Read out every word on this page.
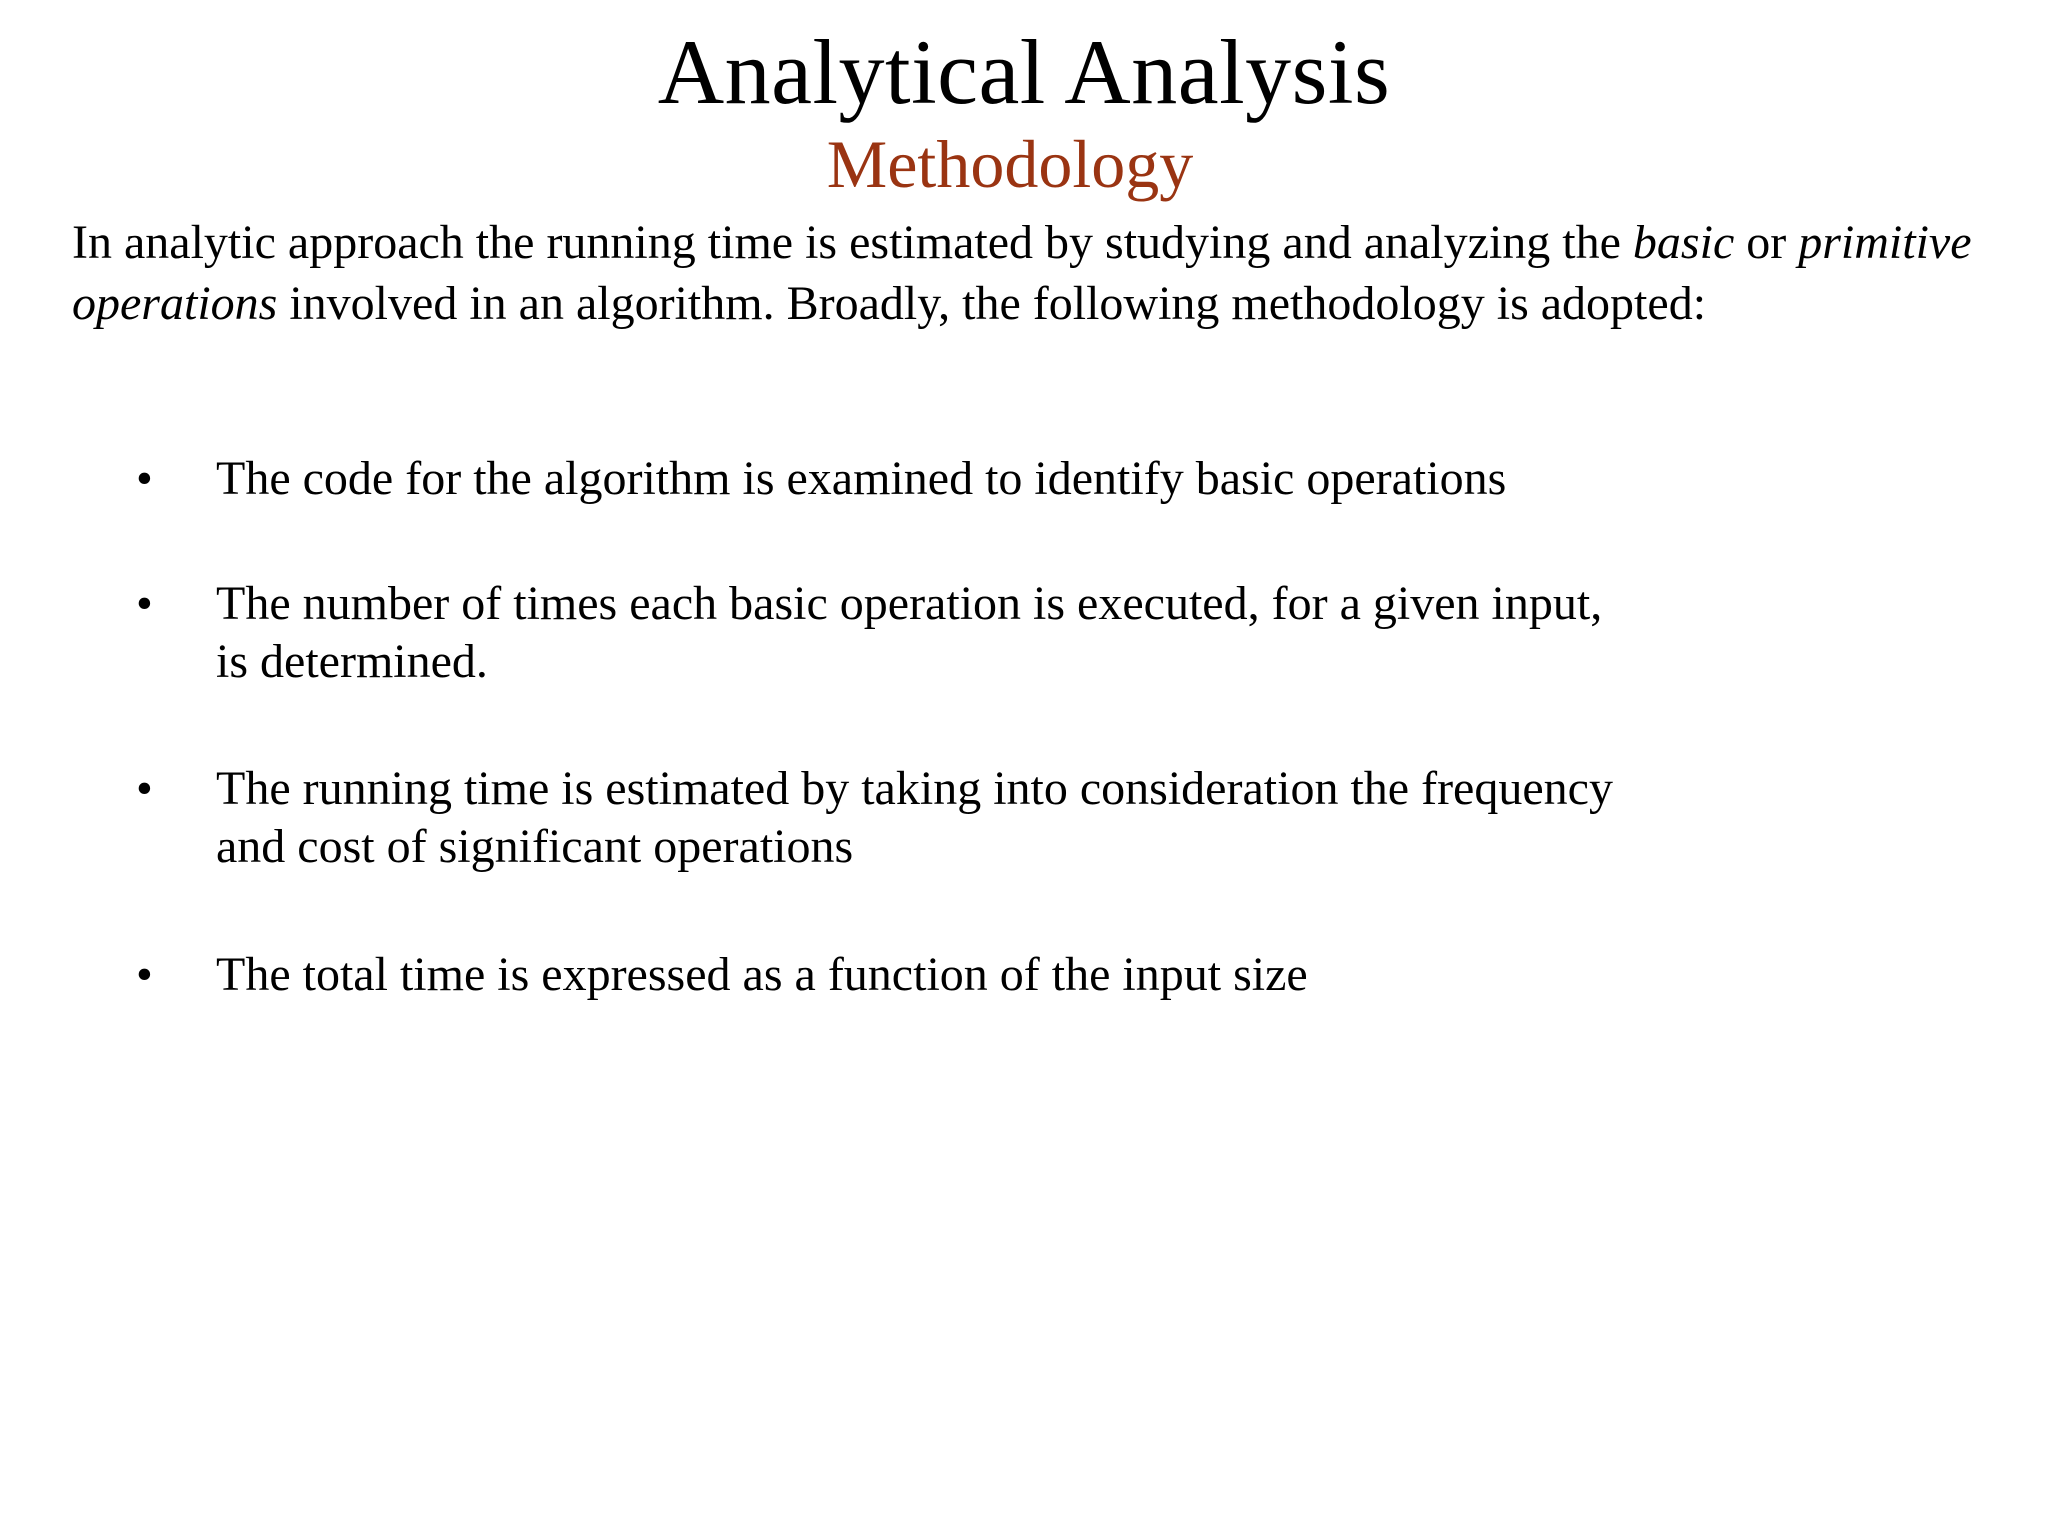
Analytical Analysis
Methodology

In analytic approach the running time is estimated by studying and analyzing the basic or primitive operations involved in an algorithm. Broadly, the following methodology is adopted:

•	The code for the algorithm is examined to identify basic operations
•	The number of times each basic operation is executed, for a given input,
is determined.
•	The running time is estimated by taking into consideration the frequency
and cost of significant operations
•	The total time is expressed as a function of the input size
